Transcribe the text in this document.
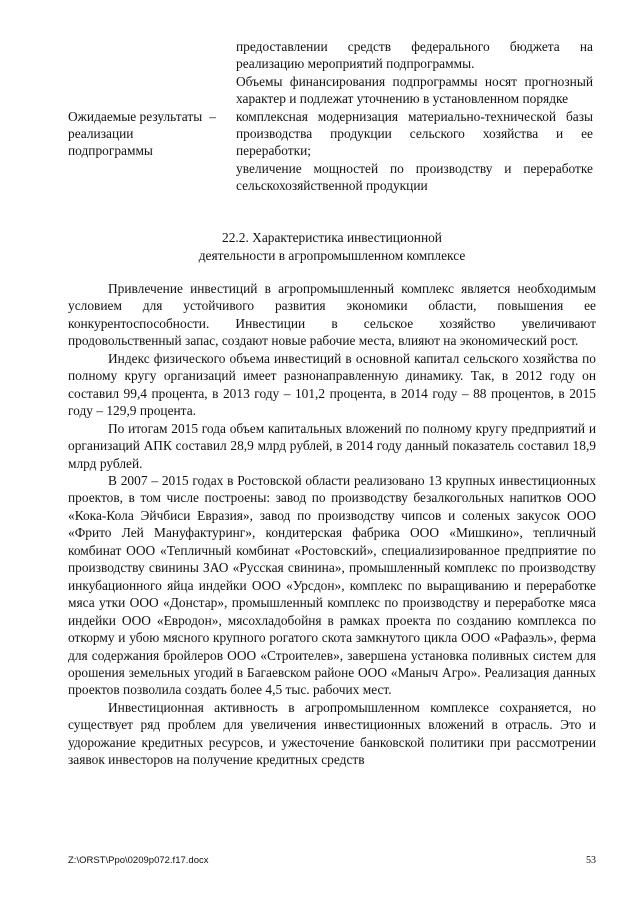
предоставлении средств федерального бюджета на реализацию мероприятий подпрограммы.

Объемы финансирования подпрограммы носят прогнозный характер и подлежат уточнению в установленном порядке

Ожидаемые результаты реализации подпрограммы
– комплексная модернизация материально-технической базы производства продукции сельского хозяйства и ее переработки;

увеличение мощностей по производству и переработке сельскохозяйственной продукции

22.2. Характеристика инвестиционной
деятельности в агропромышленном комплексе

Привлечение инвестиций в агропромышленный комплекс является необходимым условием для устойчивого развития экономики области, повышения ее конкурентоспособности. Инвестиции в сельское хозяйство увеличивают продовольственный запас, создают новые рабочие места, влияют на экономический рост.

Индекс физического объема инвестиций в основной капитал сельского хозяйства по полному кругу организаций имеет разнонаправленную динамику. Так, в 2012 году он составил 99,4 процента, в 2013 году – 101,2 процента, в 2014 году – 88 процентов, в 2015 году – 129,9 процента.

По итогам 2015 года объем капитальных вложений по полному кругу предприятий и организаций АПК составил 28,9 млрд рублей, в 2014 году данный показатель составил 18,9 млрд рублей.

В 2007 – 2015 годах в Ростовской области реализовано 13 крупных инвестиционных проектов, в том числе построены: завод по производству безалкогольных напитков ООО «Кока-Кола Эйчбиси Евразия», завод по производству чипсов и соленых закусок ООО «Фрито Лей Мануфактуринг», кондитерская фабрика ООО «Мишкино», тепличный комбинат ООО «Тепличный комбинат «Ростовский», специализированное предприятие по производству свинины ЗАО «Русская свинина», промышленный комплекс по производству инкубационного яйца индейки ООО «Урсдон», комплекс по выращиванию и переработке мяса утки ООО «Донстар», промышленный комплекс по производству и переработке мяса индейки ООО «Евродон», мясохладобойня в рамках проекта по созданию комплекса по откорму и убою мясного крупного рогатого скота замкнутого цикла ООО «Рафаэль», ферма для содержания бройлеров ООО «Строителев», завершена установка поливных систем для орошения земельных угодий в Багаевском районе ООО «Маныч Агро». Реализация данных проектов позволила создать более 4,5 тыс. рабочих мест.

Инвестиционная активность в агропромышленном комплексе сохраняется, но существует ряд проблем для увеличения инвестиционных вложений в отрасль. Это и удорожание кредитных ресурсов, и ужесточение банковской политики при рассмотрении заявок инвесторов на получение кредитных средств

Z:\ORST\Ppo\0209p072.f17.docx	53
